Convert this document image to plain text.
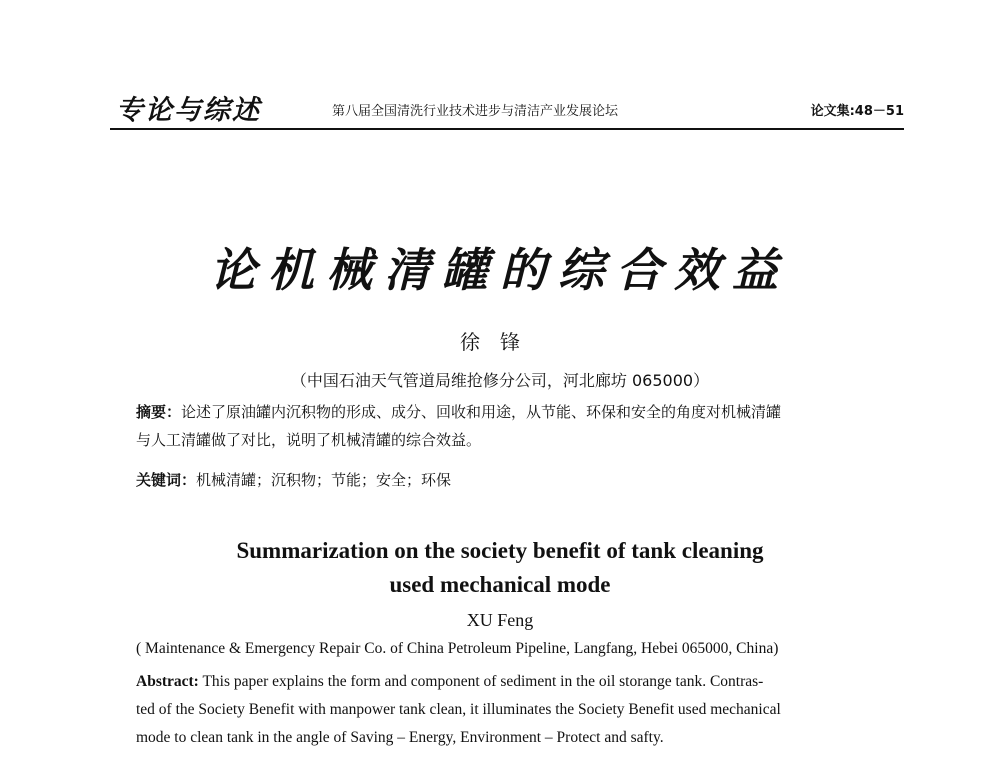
专论与综述	第八届全国清洗行业技术进步与清洁产业发展论坛	论文集:48－51
论机械清罐的综合效益
徐锋
（中国石油天气管道局维抢修分公司，河北廊坊 065000）
摘要：论述了原油罐内沉积物的形成、成分、回收和用途，从节能、环保和安全的角度对机械清罐
与人工清罐做了对比，说明了机械清罐的综合效益。
关键词：机械清罐；沉积物；节能；安全；环保
Summarization on the society benefit of tank cleaning
used mechanical mode
XU Feng
( Maintenance & Emergency Repair Co. of China Petroleum Pipeline, Langfang, Hebei 065000, China)
Abstract: This paper explains the form and component of sediment in the oil storange tank. Contras-
ted of the Society Benefit with manpower tank clean, it illuminates the Society Benefit used mechanical
mode to clean tank in the angle of Saving – Energy, Environment – Protect and safty.
